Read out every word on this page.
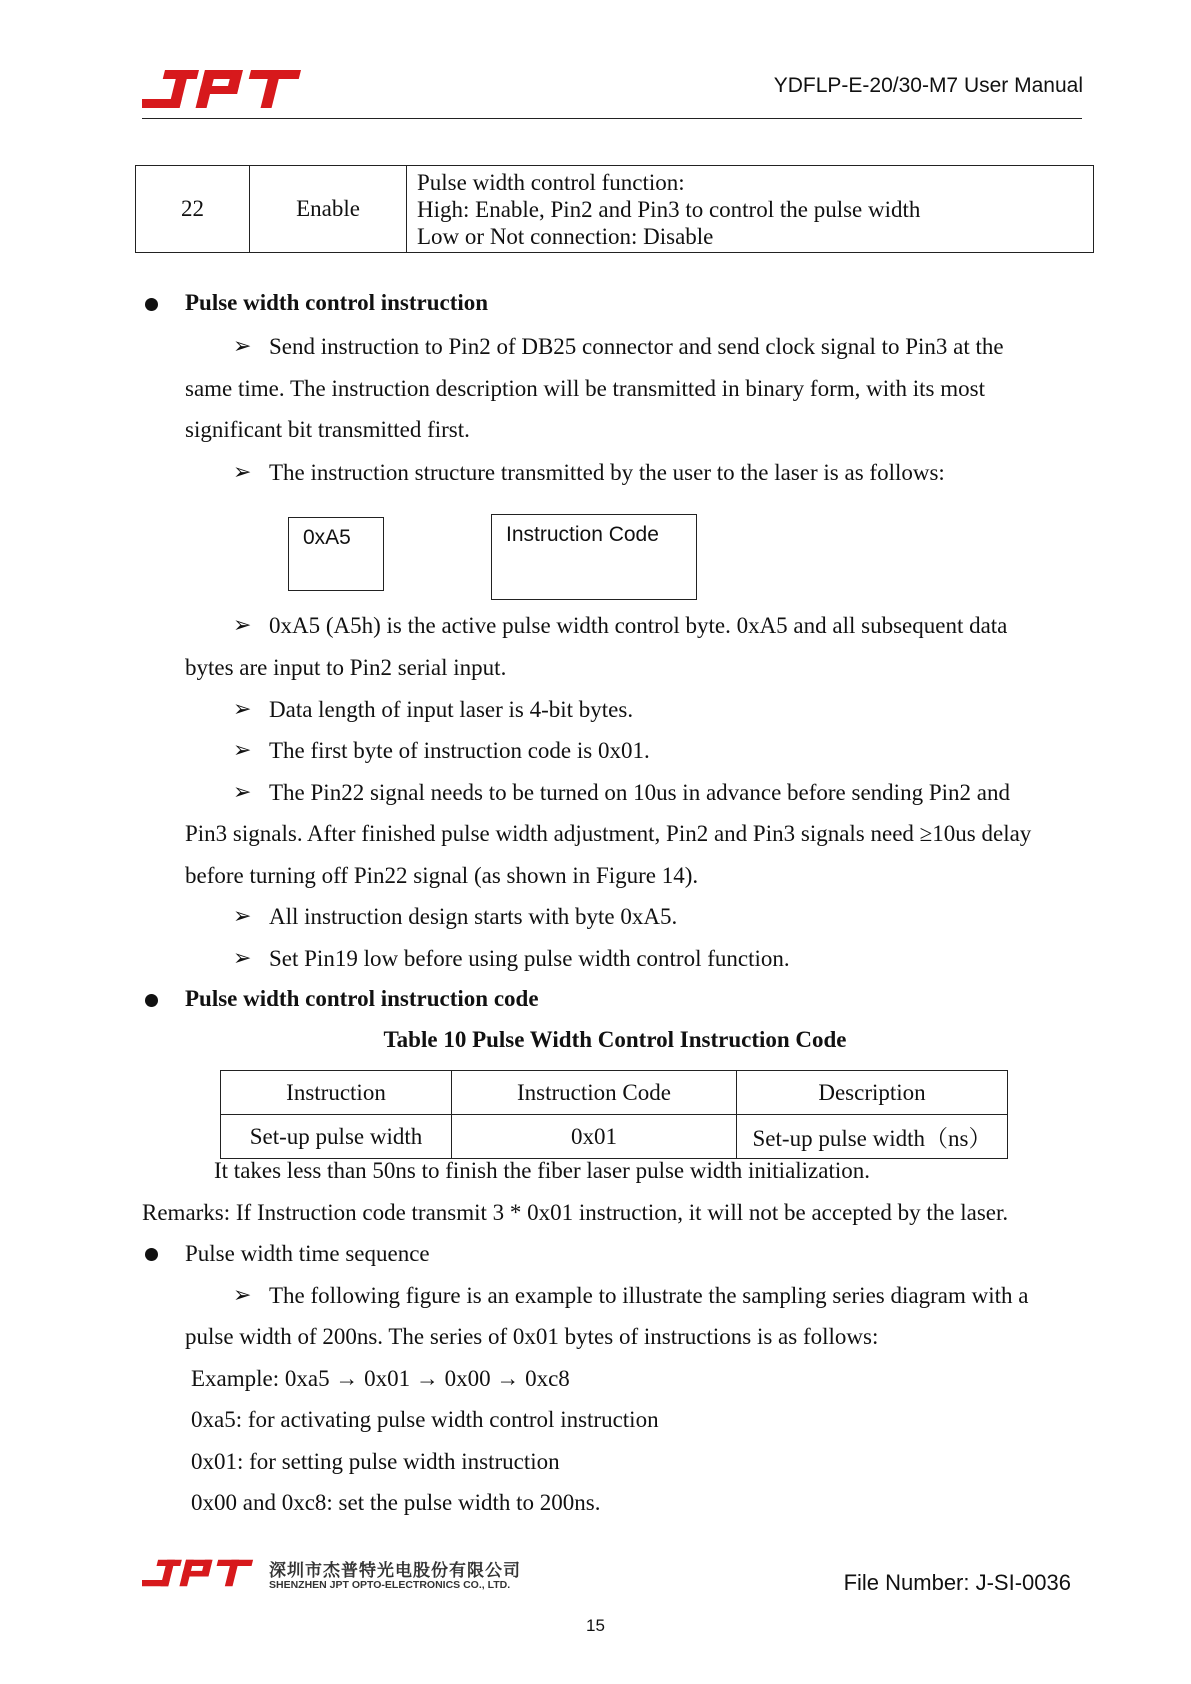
YDFLP-E-20/30-M7 User Manual
22	Enable	
Pulse width control function:
High: Enable, Pin2 and Pin3 to control the pulse width
Low or Not connection: Disable
Pulse width control instruction
➢ Send instruction to Pin2 of DB25 connector and send clock signal to Pin3 at the
same time. The instruction description will be transmitted in binary form, with its most
significant bit transmitted first.
➢ The instruction structure transmitted by the user to the laser is as follows:
0xA5	Instruction Code
➢ 0xA5 (A5h) is the active pulse width control byte. 0xA5 and all subsequent data
bytes are input to Pin2 serial input.
➢ Data length of input laser is 4-bit bytes.
➢ The first byte of instruction code is 0x01.
➢ The Pin22 signal needs to be turned on 10us in advance before sending Pin2 and
Pin3 signals. After finished pulse width adjustment, Pin2 and Pin3 signals need ≥10us delay
before turning off Pin22 signal (as shown in Figure 14).
➢ All instruction design starts with byte 0xA5.
➢ Set Pin19 low before using pulse width control function.
Pulse width control instruction code
Table 10 Pulse Width Control Instruction Code
Instruction	Instruction Code	Description
Set-up pulse width	0x01	Set-up pulse width（ns）
It takes less than 50ns to finish the fiber laser pulse width initialization.
Remarks: If Instruction code transmit 3 * 0x01 instruction, it will not be accepted by the laser.
Pulse width time sequence
➢ The following figure is an example to illustrate the sampling series diagram with a
pulse width of 200ns. The series of 0x01 bytes of instructions is as follows:
Example: 0xa5 → 0x01 → 0x00 → 0xc8
0xa5: for activating pulse width control instruction
0x01: for setting pulse width instruction
0x00 and 0xc8: set the pulse width to 200ns.
深圳市杰普特光电股份有限公司
SHENZHEN JPT OPTO-ELECTRONICS CO., LTD.	File Number: J-SI-0036
15
